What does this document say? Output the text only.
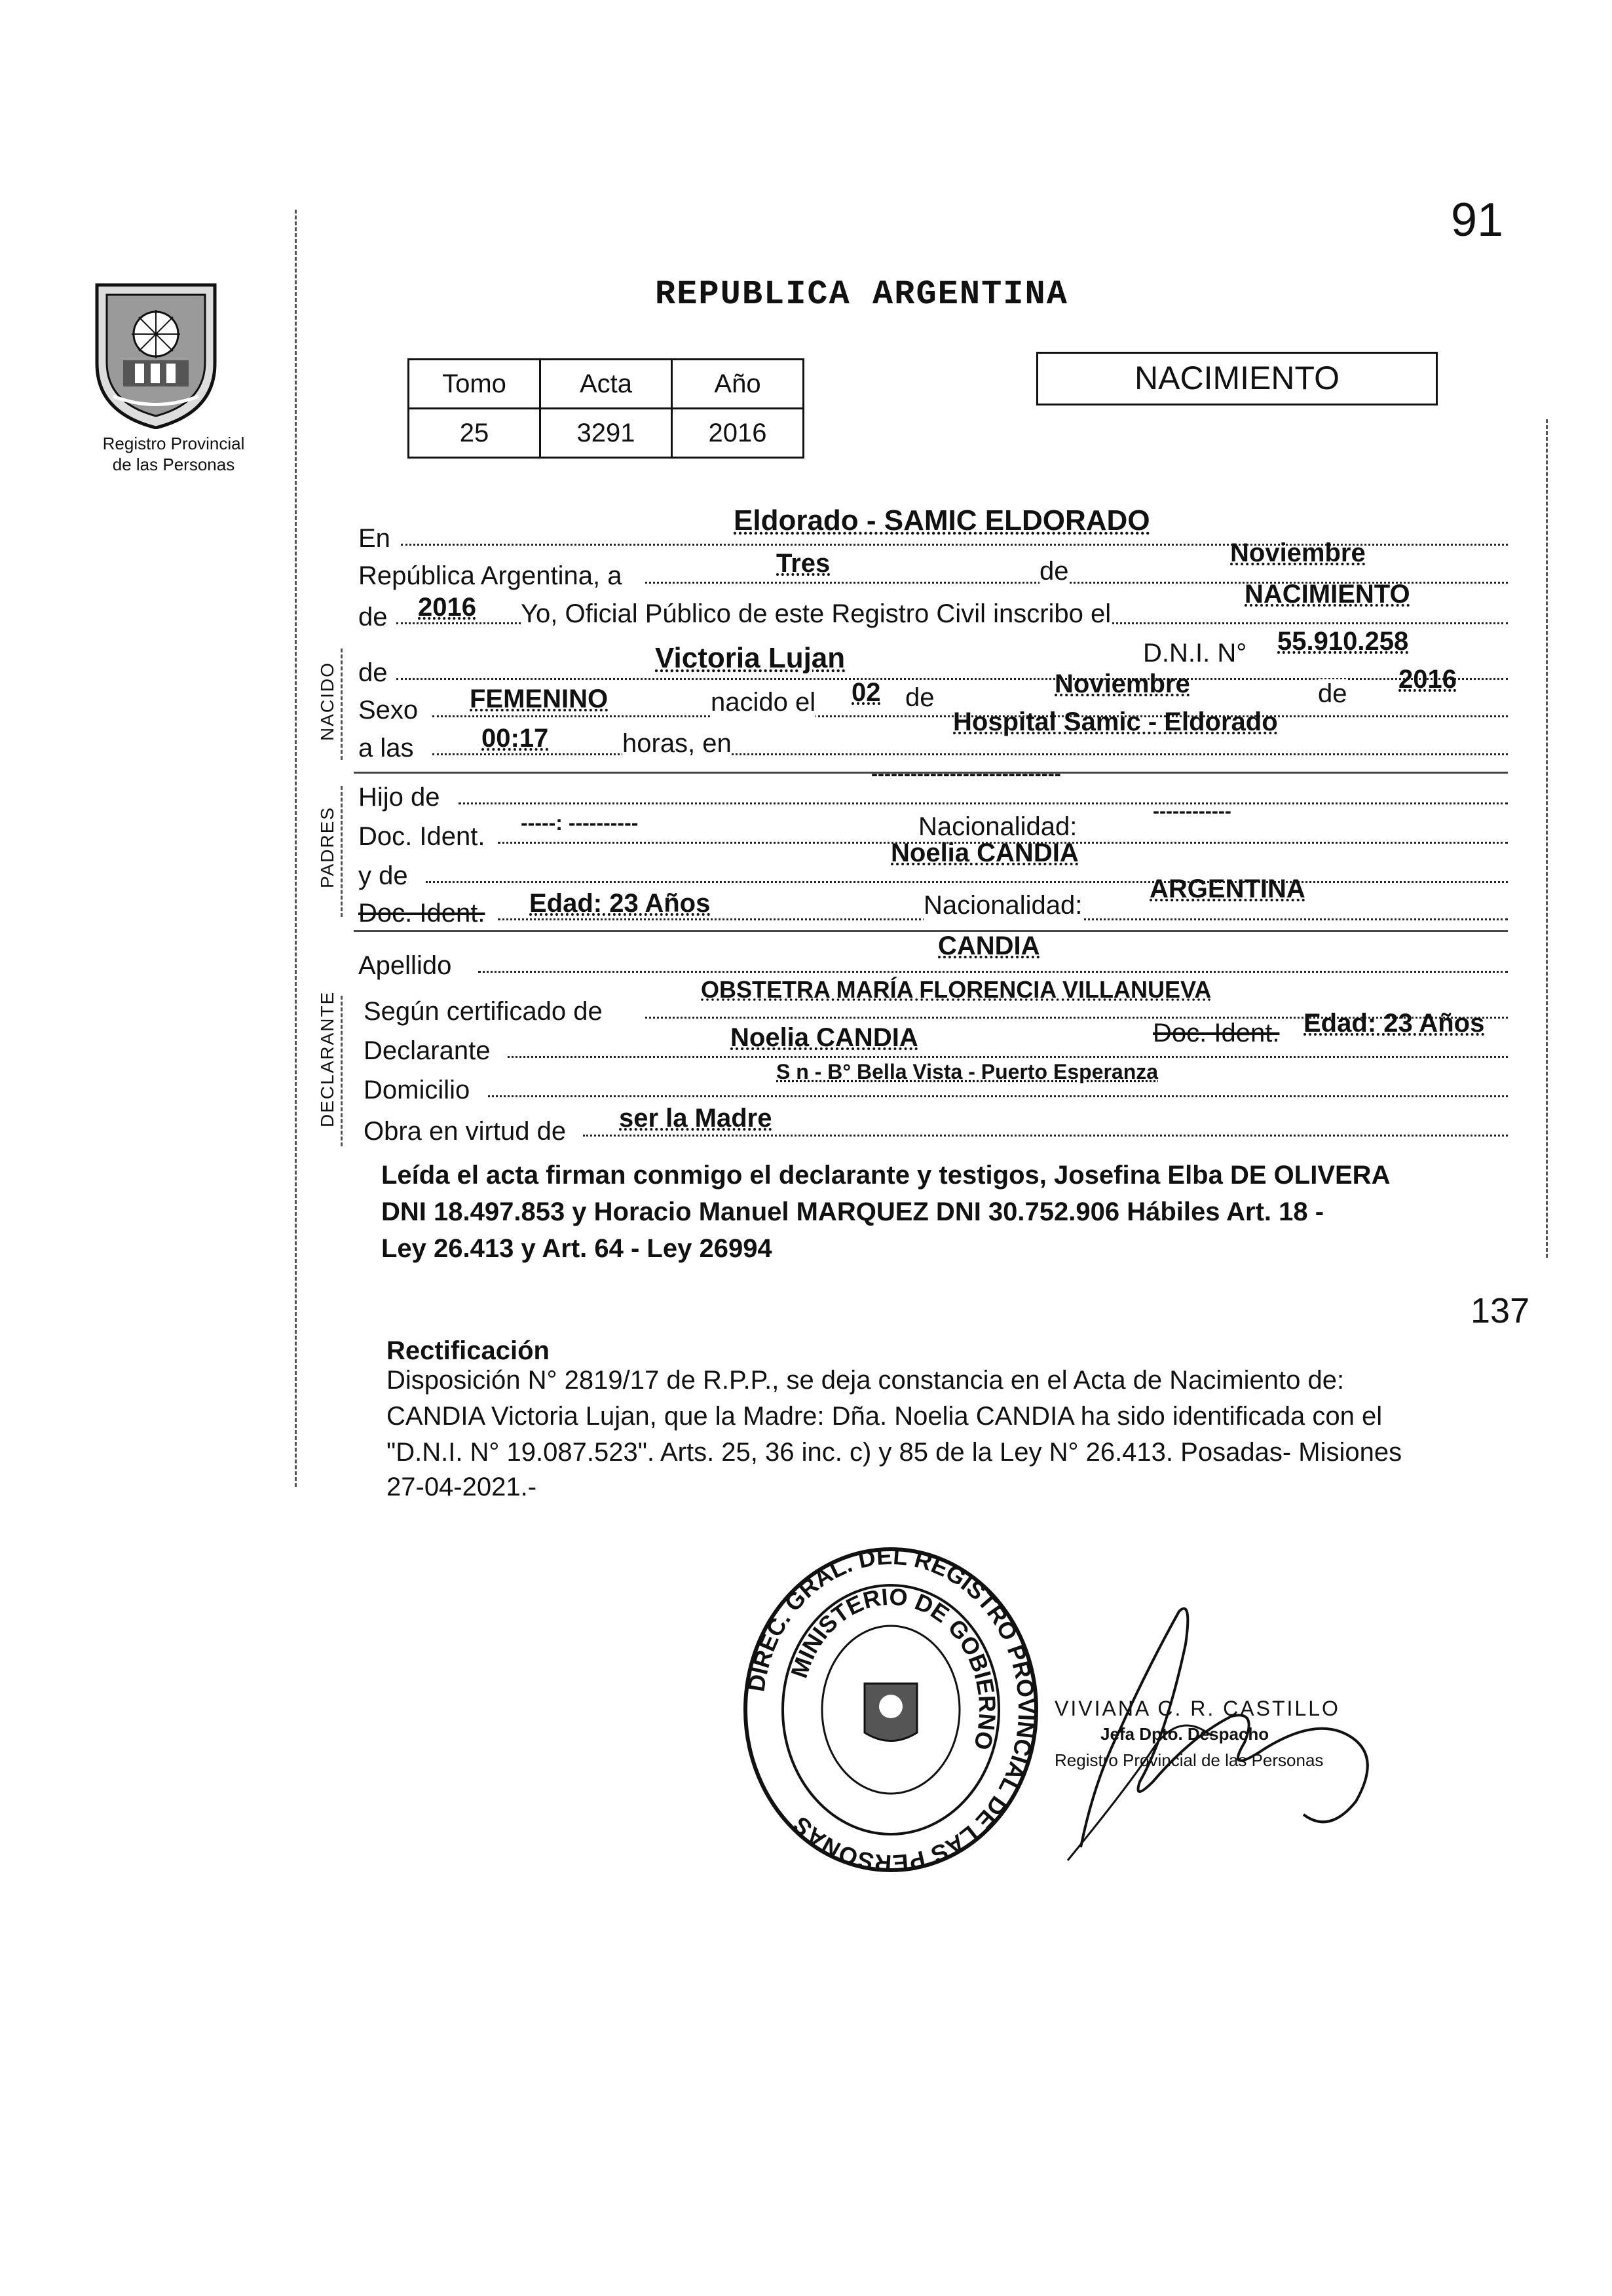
91
Registro Provincial
de las Personas
REPUBLICA ARGENTINA
Tomo	Acta	Año
25	3291	2016
NACIMIENTO
NACIDO
PADRES
DECLARANTE
En
Eldorado - SAMIC ELDORADO
República Argentina, a	Tres	de
Noviembre
de 2016 Yo, Oficial Público de este Registro Civil inscribo el
NACIMIENTO
de	Victoria Lujan	D.N.I. N° 55.910.258
Sexo FEMENINO	nacido el 02 de	Noviembre	de 2016
a las	00:17	horas, en
Hospital Samic - Eldorado
Hijo de
-----------------------------
Doc. Ident. -----: ----------	Nacionalidad:
------------
y de
Noelia CANDIA
Doc. Ident. Edad: 23 Años	Nacionalidad:
ARGENTINA
Apellido
CANDIA
Según certificado de
OBSTETRA MARÍA FLORENCIA VILLANUEVA
Declarante	Noelia CANDIA	Doc. Ident. Edad: 23 Años
Domicilio
S n - B° Bella Vista - Puerto Esperanza
Obra en virtud de ser la Madre
Leída el acta firman conmigo el declarante y testigos, Josefina Elba DE OLIVERA
DNI 18.497.853 y Horacio Manuel MARQUEZ DNI 30.752.906 Hábiles Art. 18 -
Ley 26.413 y Art. 64 - Ley 26994
137
Rectificación
Disposición N° 2819/17 de R.P.P., se deja constancia en el Acta de Nacimiento de:
CANDIA Victoria Lujan, que la Madre: Dña. Noelia CANDIA ha sido identificada con el
"D.N.I. N° 19.087.523". Arts. 25, 36 inc. c) y 85 de la Ley N° 26.413. Posadas- Misiones
27-04-2021.-
DIREC. GRAL. DEL REGISTRO PROVINCIAL DE LAS PERSONAS
MINISTERIO DE GOBIERNO
VIVIANA C. R. CASTILLO
Jefa Dpto. Despacho
Registro Provincial de las Personas
